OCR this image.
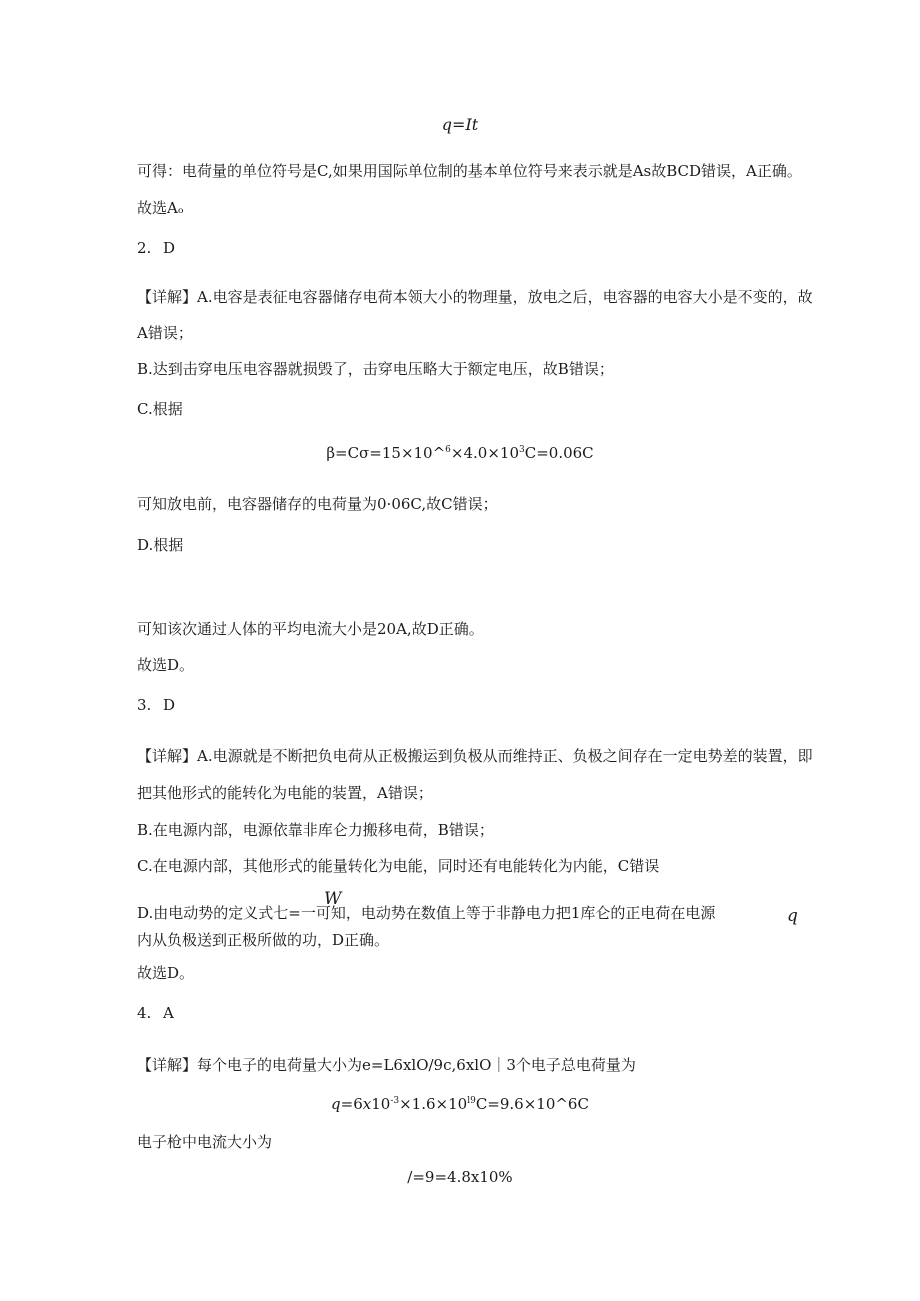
q=It
可得：电荷量的单位符号是C,如果用国际单位制的基本单位符号来表示就是As故BCD错误，A正确。
故选Aₒ
2. D
【详解】A.电容是表征电容器储存电荷本领大小的物理量，放电之后，电容器的电容大小是不变的，故
A错误；
B.达到击穿电压电容器就损毁了，击穿电压略大于额定电压，故B错误；
C.根据
$\beta=C\sigma=15\times 10\^{}^6\times 4.0\times 10^3C=0.06C$
可知放电前，电容器储存的电荷量为0·06C,故C错误；
D.根据
可知该次通过人体的平均电流大小是20A,故D正确。
故选D。
3. D
【详解】A.电源就是不断把负电荷从正极搬运到负极从而维持正、负极之间存在一定电势差的装置，即
把其他形式的能转化为电能的装置，A错误；
B.在电源内部，电源依靠非库仑力搬移电荷，B错误；
C.在电源内部，其他形式的能量转化为电能，同时还有电能转化为内能，C错误
W
D.由电动势的定义式七=一可知，电动势在数值上等于非静电力把1库仑的正电荷在电源	q
内从负极送到正极所做的功，D正确。
故选D。
4. A
【详解】每个电子的电荷量大小为e=L6xlO/9c,6xlO｜3个电子总电荷量为
$q=6x10^{-3}\times 1.6\times 10^{l9}C=9.6\times 10\^{}6C$
电子枪中电流大小为
/=9=4.8x10%
